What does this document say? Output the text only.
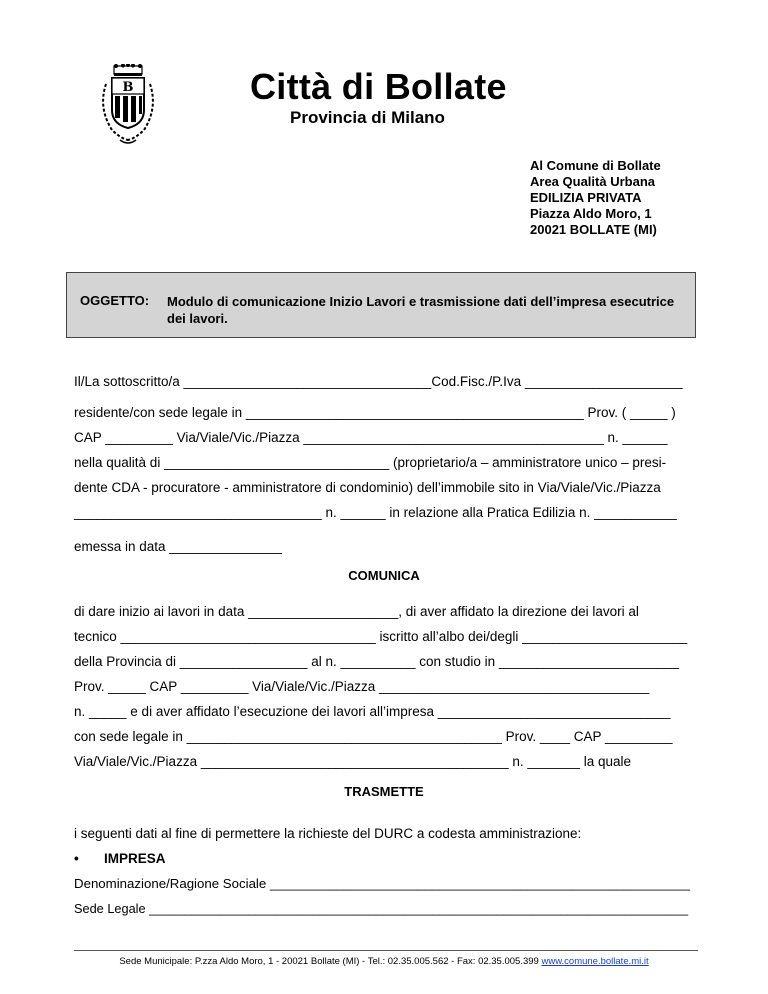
B	Città di Bollate
Provincia di Milano
Al Comune di Bollate
Area Qualità Urbana
EDILIZIA PRIVATA
Piazza Aldo Moro, 1
20021 BOLLATE (MI)
OGGETTO: Modulo di comunicazione Inizio Lavori e trasmissione dati dell’impresa esecutrice dei lavori.
Il/La sottoscritto/a _________________________________Cod.Fisc./P.Iva _____________________
residente/con sede legale in _____________________________________________ Prov. ( _____ )
CAP _________ Via/Viale/Vic./Piazza ________________________________________ n. ______
nella qualità di ______________________________ (proprietario/a – amministratore unico – presi-
dente CDA - procuratore - amministratore di condominio) dell’immobile sito in Via/Viale/Vic./Piazza
_________________________________ n. ______ in relazione alla Pratica Edilizia n. ___________
emessa in data _______________
COMUNICA
di dare inizio ai lavori in data ____________________, di aver affidato la direzione dei lavori al
tecnico __________________________________ iscritto all’albo dei/degli ______________________
della Provincia di _________________ al n. __________ con studio in ________________________
Prov. _____ CAP _________ Via/Viale/Vic./Piazza ____________________________________
n. _____ e di aver affidato l’esecuzione dei lavori all’impresa _______________________________
con sede legale in __________________________________________ Prov. ____ CAP _________
Via/Viale/Vic./Piazza _________________________________________ n. _______ la quale
TRASMETTE
i seguenti dati al fine di permettere la richieste del DURC a codesta amministrazione:
• IMPRESA
Denominazione/Ragione Sociale _________________________________________________________
Sede Legale ____________________________________________________________________________
Sede Municipale: P.zza Aldo Moro, 1 - 20021 Bollate (MI) - Tel.: 02.35.005.562 - Fax: 02.35.005.399 www.comune.bollate.mi.it
